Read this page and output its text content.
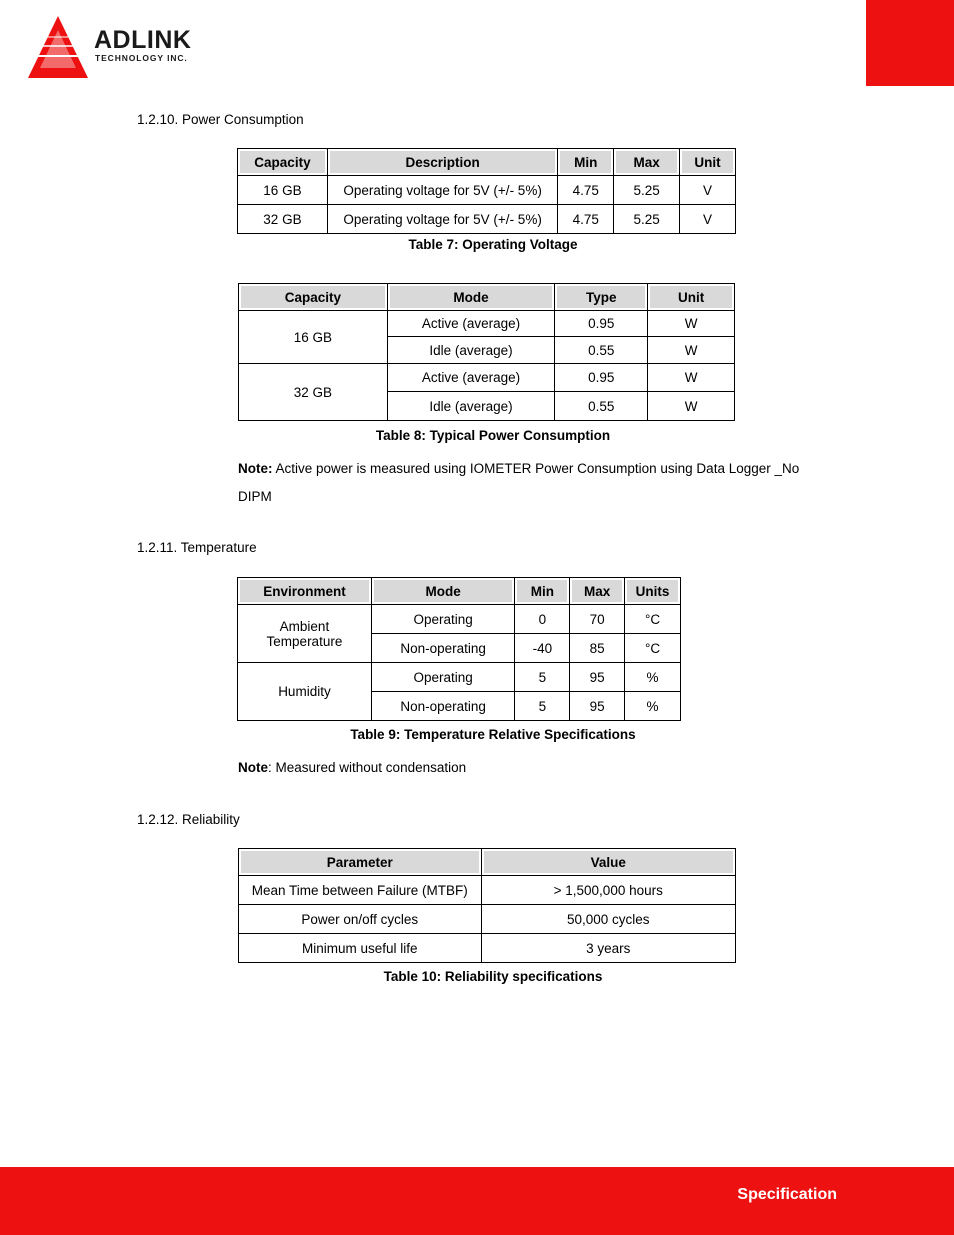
ADLINK
TECHNOLOGY INC.
1.2.10. Power Consumption
Capacity	Description	Min	Max	Unit
16 GB	Operating voltage for 5V (+/- 5%)	4.75	5.25	V
32 GB	Operating voltage for 5V (+/- 5%)	4.75	5.25	V
Table 7: Operating Voltage
Capacity	Mode	Type	Unit
16 GB	Active (average)	0.95	W
	Idle (average)	0.55	W
32 GB	Active (average)	0.95	W
	Idle (average)	0.55	W
Table 8: Typical Power Consumption
Note: Active power is measured using IOMETER Power Consumption using Data Logger _No
DIPM
1.2.11. Temperature
Environment	Mode	Min	Max	Units
Ambient Temperature	Operating	0	70	°C
	Non-operating	-40	85	°C
Humidity	Operating	5	95	%
	Non-operating	5	95	%
Table 9: Temperature Relative Specifications
Note: Measured without condensation
1.2.12. Reliability
Parameter	Value
Mean Time between Failure (MTBF)	> 1,500,000 hours
Power on/off cycles	50,000 cycles
Minimum useful life	3 years
Table 10: Reliability specifications
Specification
